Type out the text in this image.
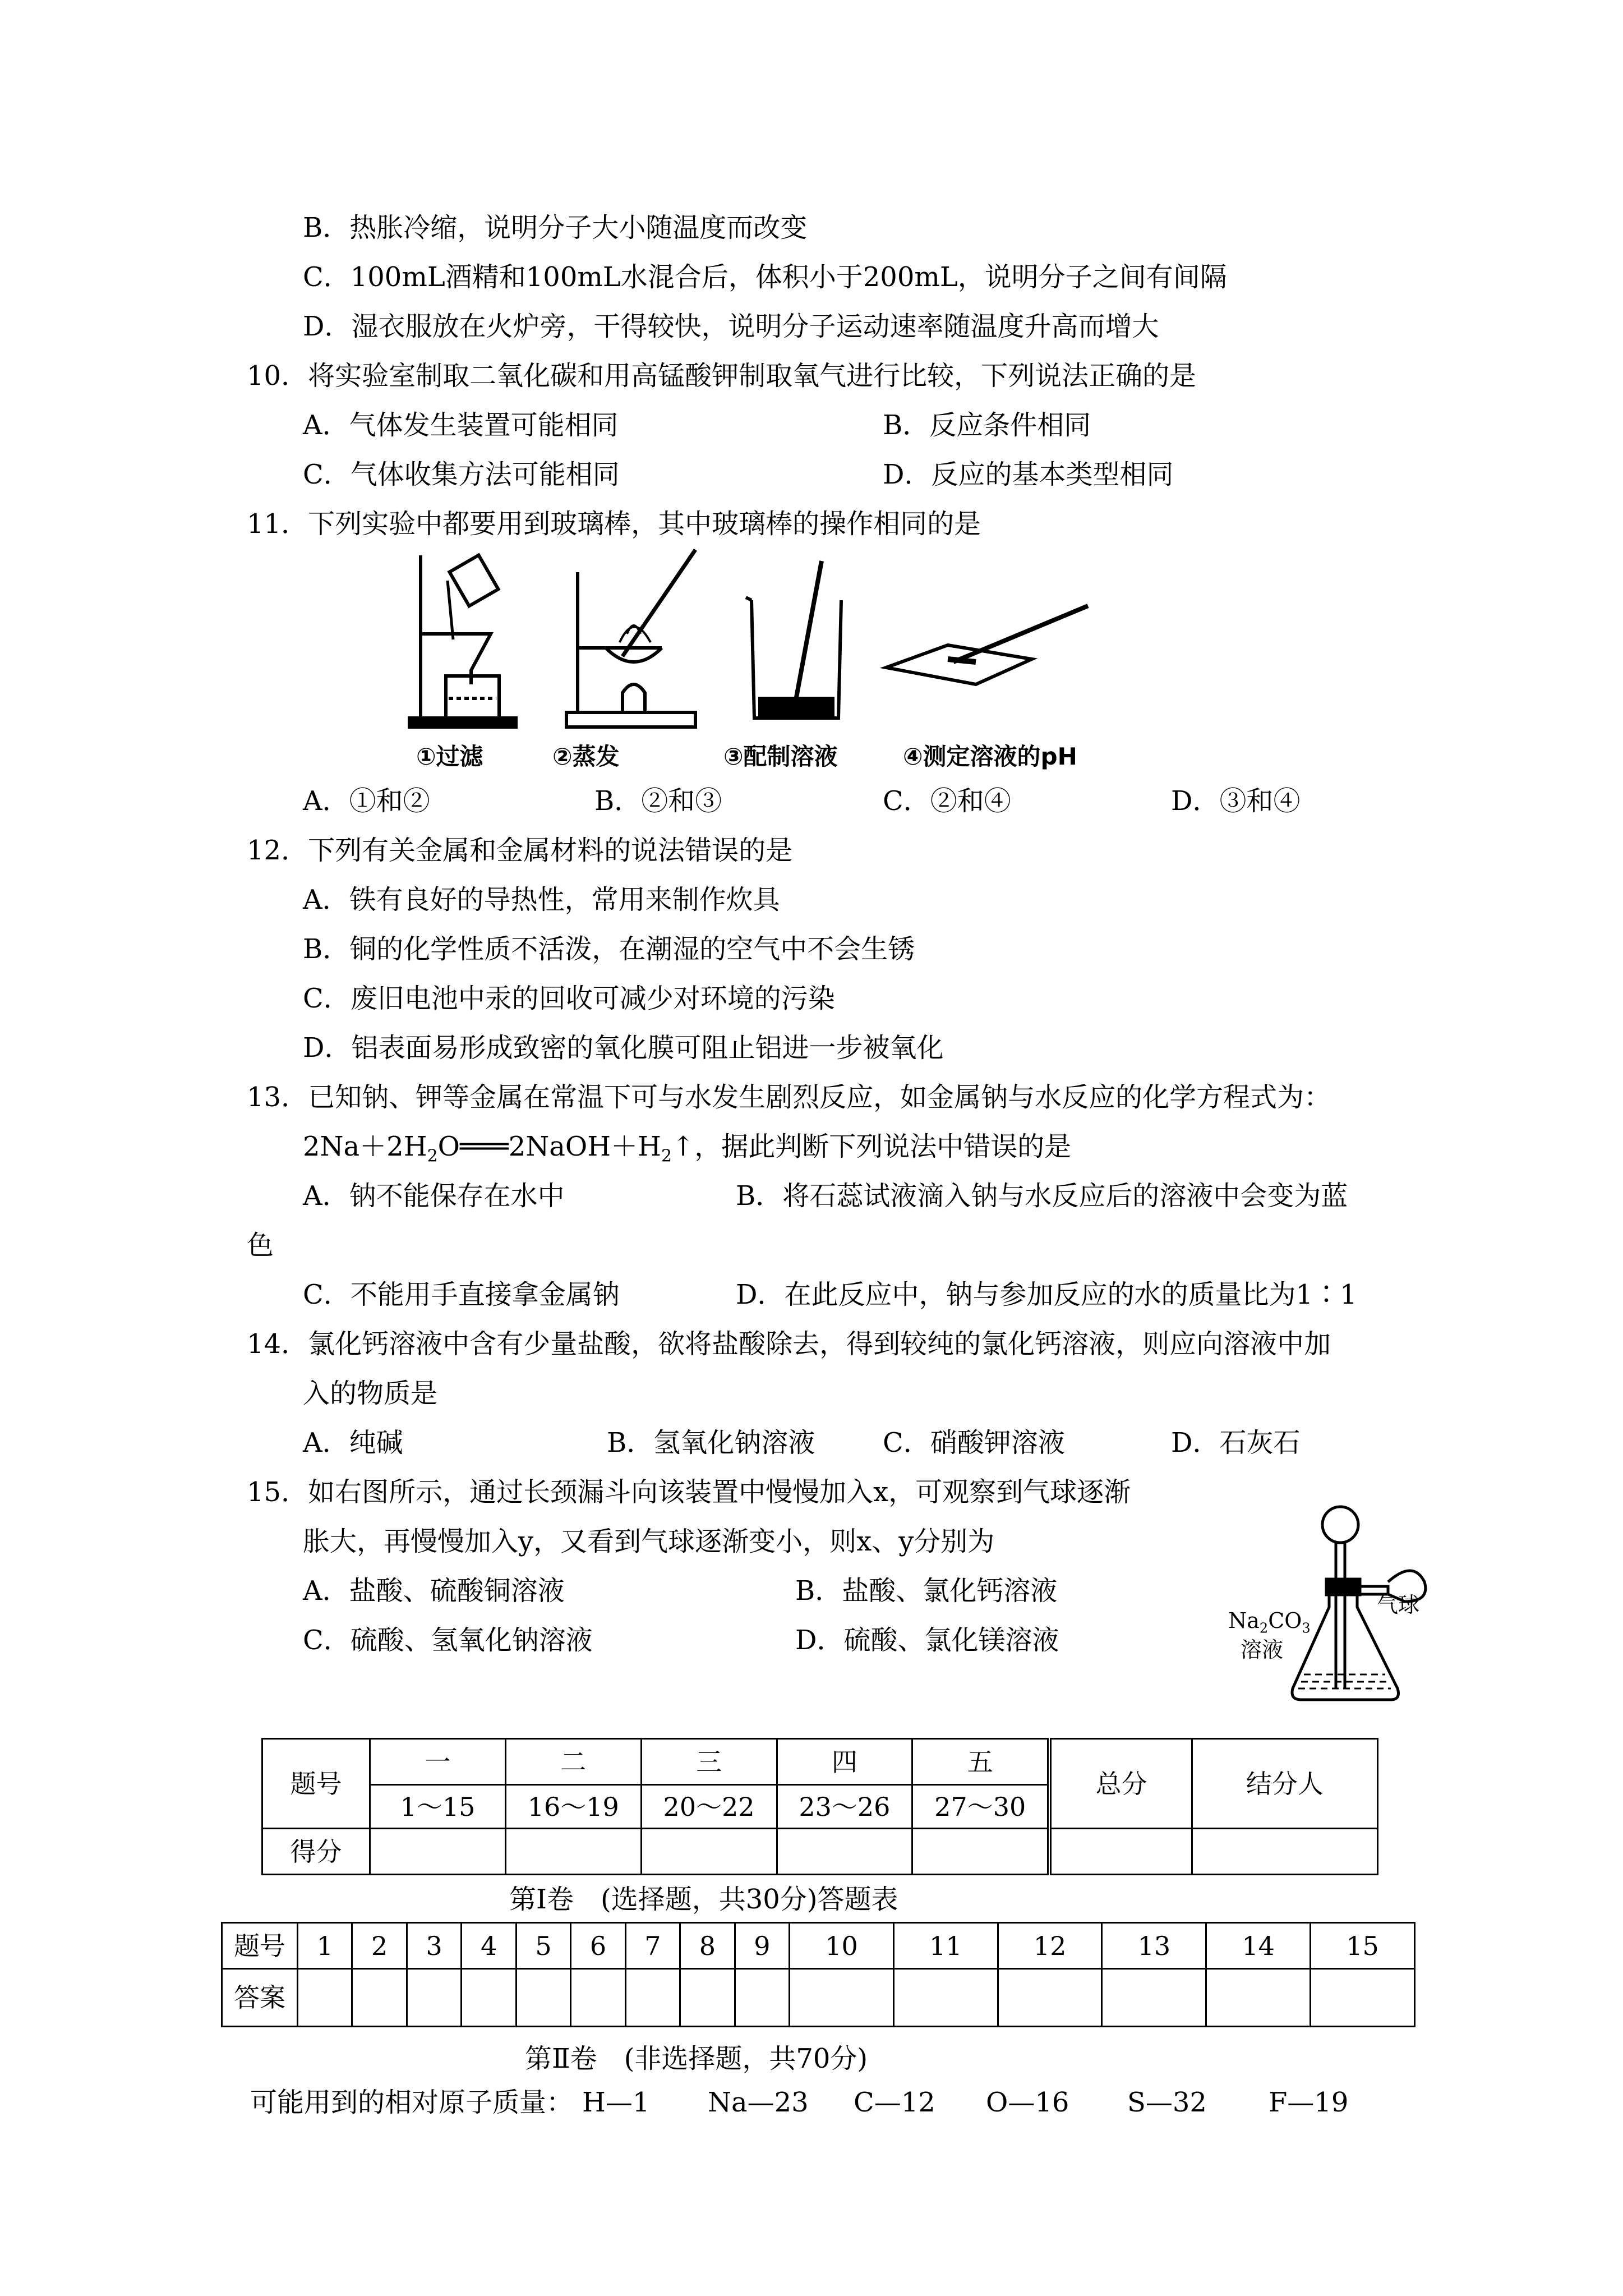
B．热胀冷缩，说明分子大小随温度而改变
C．100mL酒精和100mL水混合后，体积小于200mL，说明分子之间有间隔
D．湿衣服放在火炉旁，干得较快，说明分子运动速率随温度升高而增大
10．将实验室制取二氧化碳和用高锰酸钾制取氧气进行比较，下列说法正确的是
A．气体发生装置可能相同	B．反应条件相同
C．气体收集方法可能相同	D．反应的基本类型相同
11．下列实验中都要用到玻璃棒，其中玻璃棒的操作相同的是
①过滤	②蒸发	③配制溶液	④测定溶液的pH
A．①和②	B．②和③	C．②和④	D．③和④
12．下列有关金属和金属材料的说法错误的是
A．铁有良好的导热性，常用来制作炊具
B．铜的化学性质不活泼，在潮湿的空气中不会生锈
C．废旧电池中汞的回收可减少对环境的污染
D．铝表面易形成致密的氧化膜可阻止铝进一步被氧化
13．已知钠、钾等金属在常温下可与水发生剧烈反应，如金属钠与水反应的化学方程式为：
$2Na+2H_2O═══2NaOH+H_2↑$，据此判断下列说法中错误的是
A．钠不能保存在水中	B．将石蕊试液滴入钠与水反应后的溶液中会变为蓝
色
C．不能用手直接拿金属钠	D．在此反应中，钠与参加反应的水的质量比为1∶1
14．氯化钙溶液中含有少量盐酸，欲将盐酸除去，得到较纯的氯化钙溶液，则应向溶液中加
入的物质是
A．纯碱	B．氢氧化钠溶液	C．硝酸钾溶液	D．石灰石
15．如右图所示，通过长颈漏斗向该装置中慢慢加入x，可观察到气球逐渐
胀大，再慢慢加入y，又看到气球逐渐变小，则x、y分别为
A．盐酸、硫酸铜溶液	B．盐酸、氯化钙溶液
C．硫酸、氢氧化钠溶液	D．硫酸、氯化镁溶液
$Na_2CO_3$
溶液
气球
题号	一	二	三	四	五	总分	结分人
	1～15	16～19	20～22	23～26	27～30		
得分							
第Ⅰ卷　(选择题，共30分)答题表
题号	1	2	3	4	5	6	7	8	9	10	11	12	13	14	15
答案															
第Ⅱ卷　(非选择题，共70分)
可能用到的相对原子质量： H—1 Na—23 C—12 O—16 S—32 F—19
